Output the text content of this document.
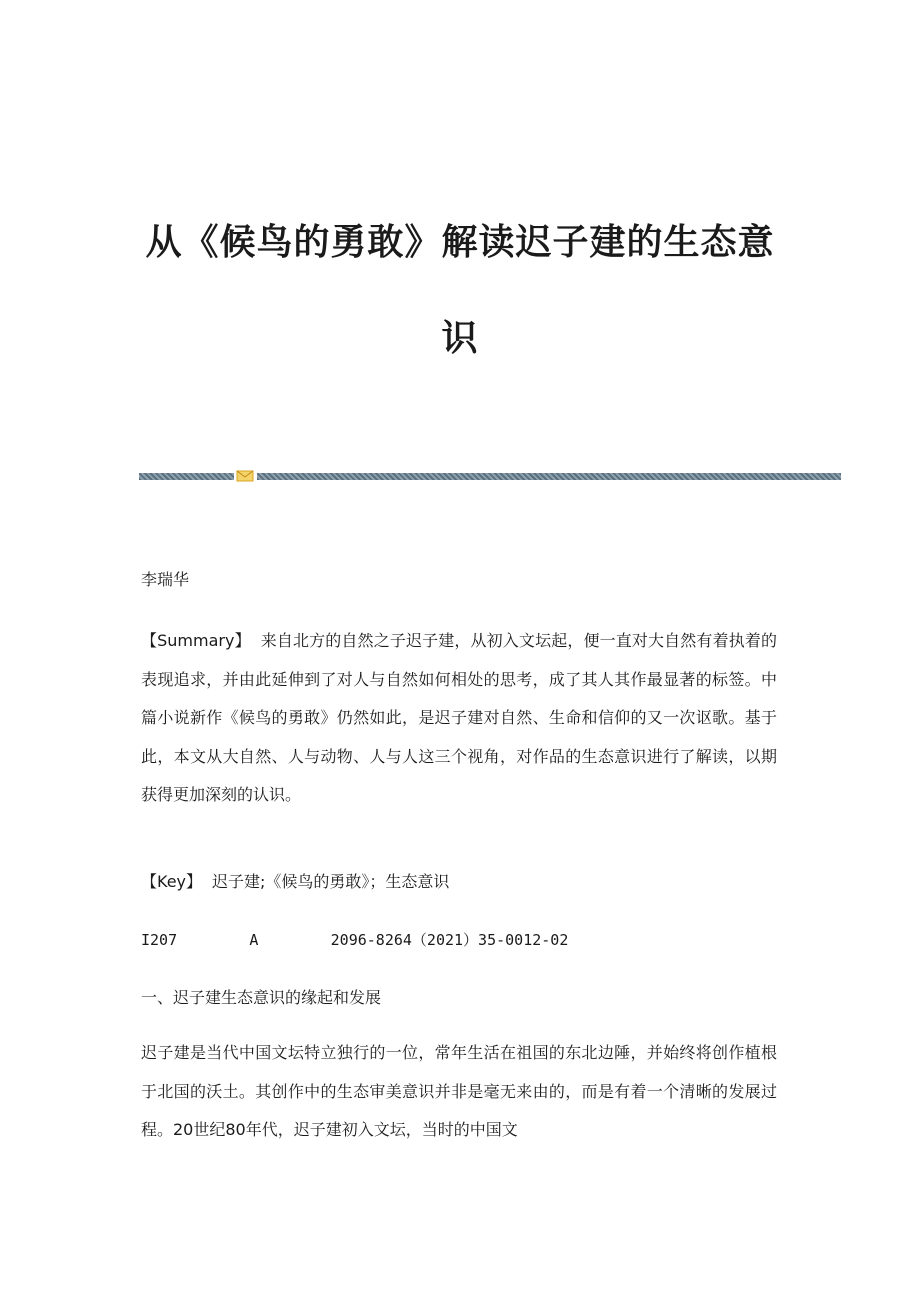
从《候鸟的勇敢》解读迟子建的生态意
识

李瑞华

【Summary】 来自北方的自然之子迟子建，从初入文坛起，便一直对大自然有着执着的表现追求，并由此延伸到了对人与自然如何相处的思考，成了其人其作最显著的标签。中篇小说新作《候鸟的勇敢》仍然如此，是迟子建对自然、生命和信仰的又一次讴歌。基于此，本文从大自然、人与动物、人与人这三个视角，对作品的生态意识进行了解读，以期获得更加深刻的认识。

【Key】 迟子建;《候鸟的勇敢》；生态意识

I207        A        2096-8264（2021）35-0012-02

一、迟子建生态意识的缘起和发展

迟子建是当代中国文坛特立独行的一位，常年生活在祖国的东北边陲，并始终将创作植根于北国的沃土。其创作中的生态审美意识并非是毫无来由的，而是有着一个清晰的发展过程。20世纪80年代，迟子建初入文坛，当时的中国文
